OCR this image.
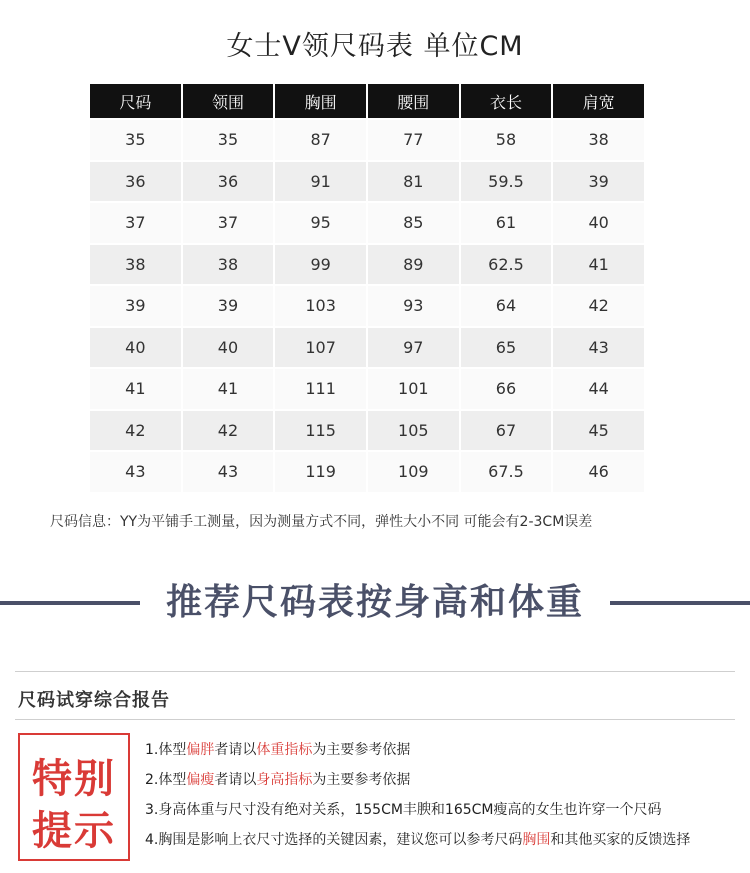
女士V领尺码表 单位CM
尺码	领围	胸围	腰围	衣长	肩宽
35	35	87	77	58	38
36	36	91	81	59.5	39
37	37	95	85	61	40
38	38	99	89	62.5	41
39	39	103	93	64	42
40	40	107	97	65	43
41	41	111	101	66	44
42	42	115	105	67	45
43	43	119	109	67.5	46
尺码信息：YY为平铺手工测量，因为测量方式不同，弹性大小不同 可能会有2-3CM误差
推荐尺码表按身高和体重
尺码试穿综合报告
特别
提示
1.体型偏胖者请以体重指标为主要参考依据
2.体型偏瘦者请以身高指标为主要参考依据
3.身高体重与尺寸没有绝对关系，155CM丰腴和165CM瘦高的女生也许穿一个尺码
4.胸围是影响上衣尺寸选择的关键因素，建议您可以参考尺码胸围和其他买家的反馈选择
